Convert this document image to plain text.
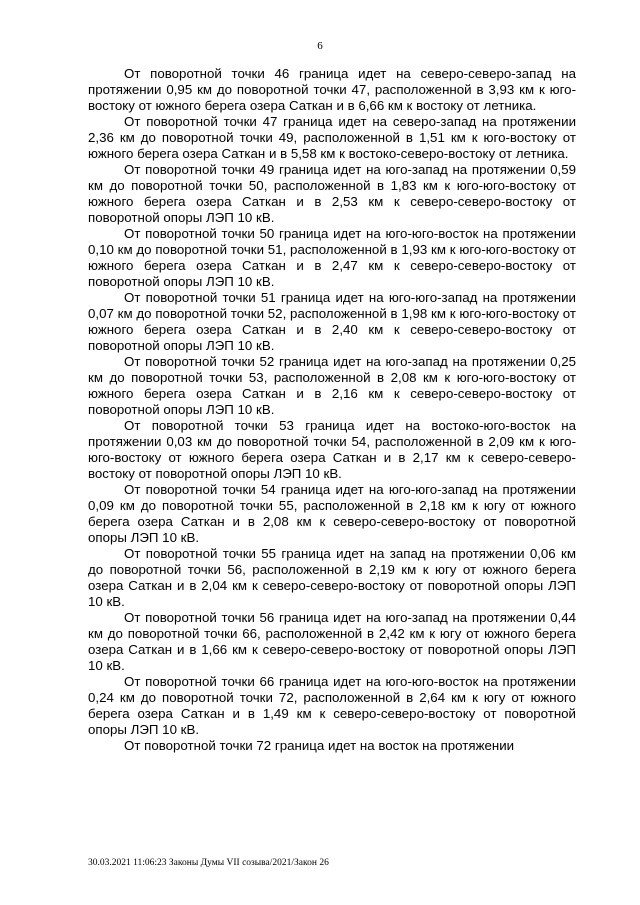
6

От поворотной точки 46 граница идет на северо-северо-запад на протяжении 0,95 км до поворотной точки 47, расположенной в 3,93 км к юго-востоку от южного берега озера Саткан и в 6,66 км к востоку от летника.

От поворотной точки 47 граница идет на северо-запад на протяжении 2,36 км до поворотной точки 49, расположенной в 1,51 км к юго-востоку от южного берега озера Саткан и в 5,58 км к востоко-северо-востоку от летника.

От поворотной точки 49 граница идет на юго-запад на протяжении 0,59 км до поворотной точки 50, расположенной в 1,83 км к юго-юго-востоку от южного берега озера Саткан и в 2,53 км к северо-северо-востоку от поворотной опоры ЛЭП 10 кВ.

От поворотной точки 50 граница идет на юго-юго-восток на протяжении 0,10 км до поворотной точки 51, расположенной в 1,93 км к юго-юго-востоку от южного берега озера Саткан и в 2,47 км к северо-северо-востоку от поворотной опоры ЛЭП 10 кВ.

От поворотной точки 51 граница идет на юго-юго-запад на протяжении 0,07 км до поворотной точки 52, расположенной в 1,98 км к юго-юго-востоку от южного берега озера Саткан и в 2,40 км к северо-северо-востоку от поворотной опоры ЛЭП 10 кВ.

От поворотной точки 52 граница идет на юго-запад на протяжении 0,25 км до поворотной точки 53, расположенной в 2,08 км к юго-юго-востоку от южного берега озера Саткан и в 2,16 км к северо-северо-востоку от поворотной опоры ЛЭП 10 кВ.

От поворотной точки 53 граница идет на востоко-юго-восток на протяжении 0,03 км до поворотной точки 54, расположенной в 2,09 км к юго-юго-востоку от южного берега озера Саткан и в 2,17 км к северо-северо-востоку от поворотной опоры ЛЭП 10 кВ.

От поворотной точки 54 граница идет на юго-юго-запад на протяжении 0,09 км до поворотной точки 55, расположенной в 2,18 км к югу от южного берега озера Саткан и в 2,08 км к северо-северо-востоку от поворотной опоры ЛЭП 10 кВ.

От поворотной точки 55 граница идет на запад на протяжении 0,06 км до поворотной точки 56, расположенной в 2,19 км к югу от южного берега озера Саткан и в 2,04 км к северо-северо-востоку от поворотной опоры ЛЭП 10 кВ.

От поворотной точки 56 граница идет на юго-запад на протяжении 0,44 км до поворотной точки 66, расположенной в 2,42 км к югу от южного берега озера Саткан и в 1,66 км к северо-северо-востоку от поворотной опоры ЛЭП 10 кВ.

От поворотной точки 66 граница идет на юго-юго-восток на протяжении 0,24 км до поворотной точки 72, расположенной в 2,64 км к югу от южного берега озера Саткан и в 1,49 км к северо-северо-востоку от поворотной опоры ЛЭП 10 кВ.

От поворотной точки 72 граница идет на восток на протяжении

30.03.2021 11:06:23 Законы Думы VII созыва/2021/Закон 26
